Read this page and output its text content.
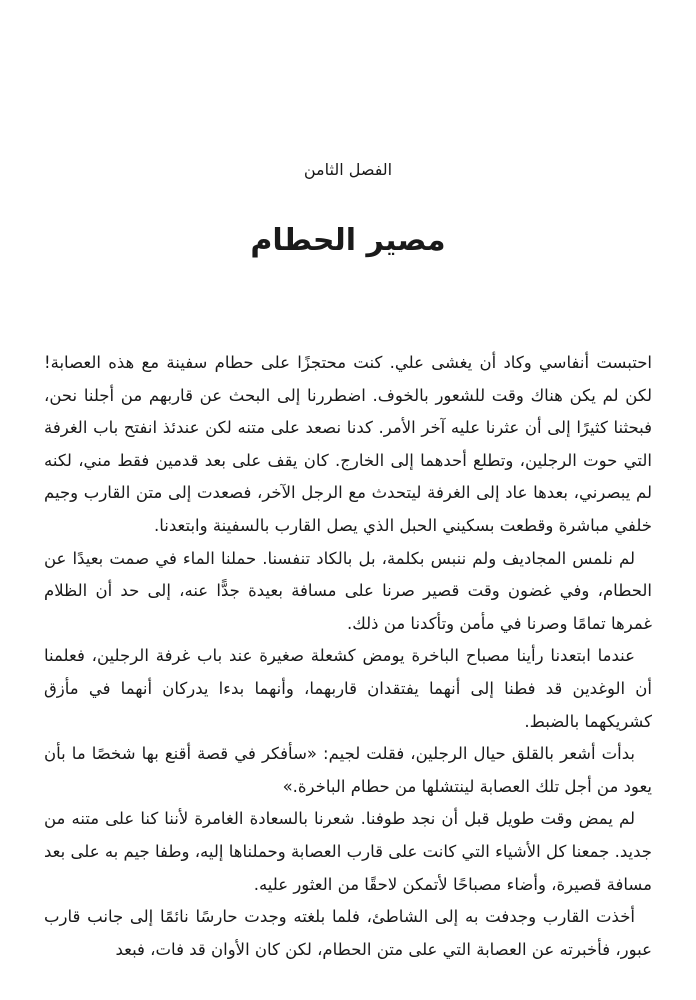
الفصل الثامن
مصير الحطام

احتبست أنفاسي وكاد أن يغشى علي. كنت محتجزًا على حطام سفينة مع هذه العصابة! لكن لم يكن هناك وقت للشعور بالخوف. اضطررنا إلى البحث عن قاربهم من أجلنا نحن، فبحثنا كثيرًا إلى أن عثرنا عليه آخر الأمر. كدنا نصعد على متنه لكن عندئذ انفتح باب الغرفة التي حوت الرجلين، وتطلع أحدهما إلى الخارج. كان يقف على بعد قدمين فقط مني، لكنه لم يبصرني، بعدها عاد إلى الغرفة ليتحدث مع الرجل الآخر، فصعدت إلى متن القارب وجيم خلفي مباشرة وقطعت بسكيني الحبل الذي يصل القارب بالسفينة وابتعدنا.

لم نلمس المجاديف ولم ننبس بكلمة، بل بالكاد تنفسنا. حملنا الماء في صمت بعيدًا عن الحطام، وفي غضون وقت قصير صرنا على مسافة بعيدة جدًّا عنه، إلى حد أن الظلام غمرها تمامًا وصرنا في مأمن وتأكدنا من ذلك.

عندما ابتعدنا رأينا مصباح الباخرة يومض كشعلة صغيرة عند باب غرفة الرجلين، فعلمنا أن الوغدين قد فطنا إلى أنهما يفتقدان قاربهما، وأنهما بدءا يدركان أنهما في مأزق كشريكهما بالضبط.

بدأت أشعر بالقلق حيال الرجلين، فقلت لجيم: «سأفكر في قصة أقنع بها شخصًا ما بأن يعود من أجل تلك العصابة لينتشلها من حطام الباخرة.»

لم يمض وقت طويل قبل أن نجد طوفنا. شعرنا بالسعادة الغامرة لأننا كنا على متنه من جديد. جمعنا كل الأشياء التي كانت على قارب العصابة وحملناها إليه، وطفا جيم به على بعد مسافة قصيرة، وأضاء مصباحًا لأتمكن لاحقًا من العثور عليه.

أخذت القارب وجدفت به إلى الشاطئ، فلما بلغته وجدت حارسًا نائمًا إلى جانب قارب عبور، فأخبرته عن العصابة التي على متن الحطام، لكن كان الأوان قد فات، فبعد
